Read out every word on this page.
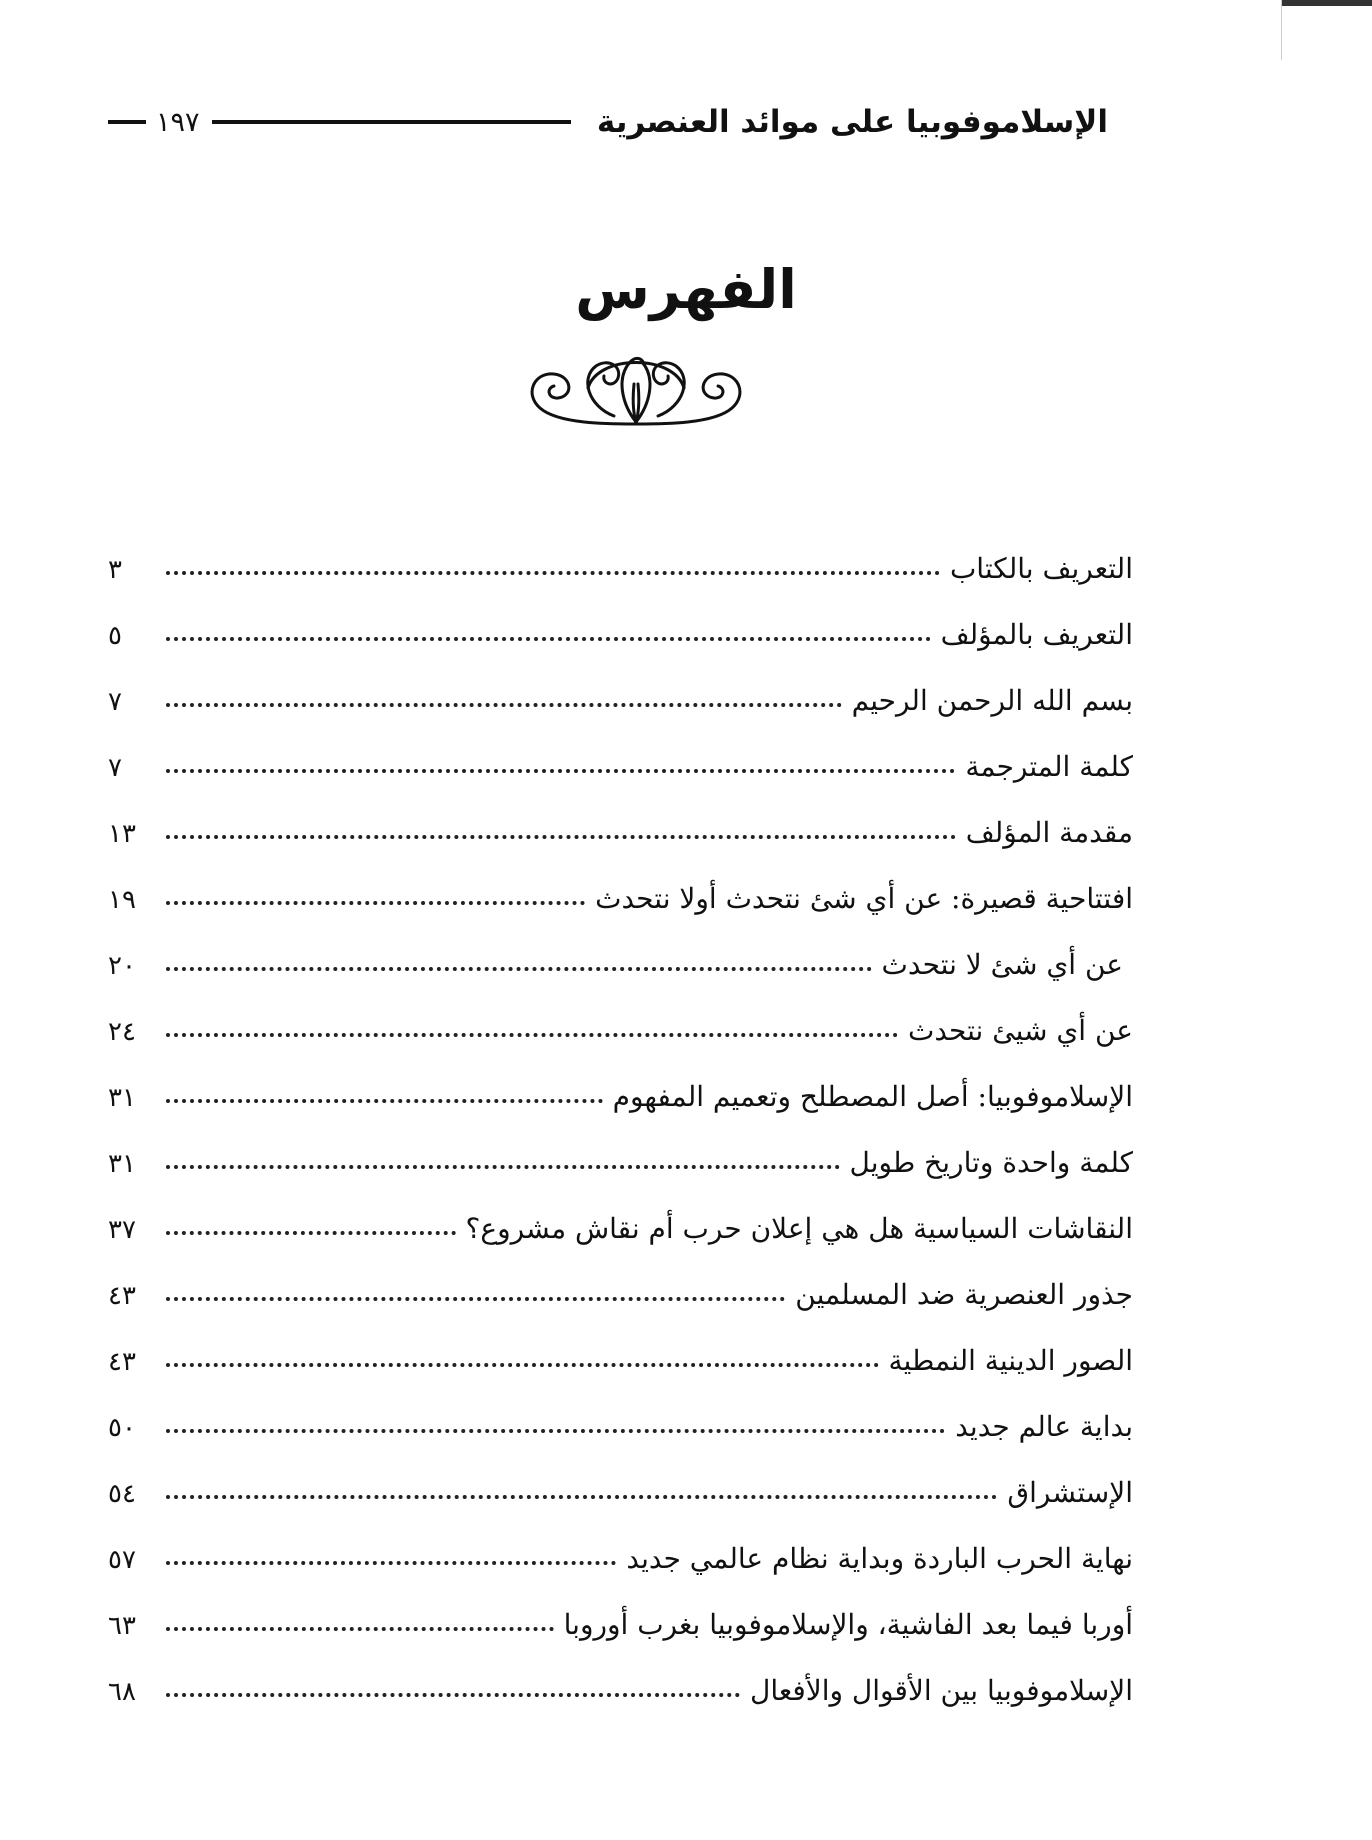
الإسلاموفوبيا على موائد العنصرية
١٩٧
الفهرس
التعريف بالكتاب
٣
التعريف بالمؤلف
٥
بسم الله الرحمن الرحيم
٧
كلمة المترجمة
٧
مقدمة المؤلف
١٣
افتتاحية قصيرة: عن أي شئ نتحدث أولا نتحدث
١٩
عن أي شئ لا نتحدث
٢٠
عن أي شيئ نتحدث
٢٤
الإسلاموفوبيا: أصل المصطلح وتعميم المفهوم
٣١
كلمة واحدة وتاريخ طويل
٣١
النقاشات السياسية هل هي إعلان حرب أم نقاش مشروع؟
٣٧
جذور العنصرية ضد المسلمين
٤٣
الصور الدينية النمطية
٤٣
بداية عالم جديد
٥٠
الإستشراق
٥٤
نهاية الحرب الباردة وبداية نظام عالمي جديد
٥٧
أوربا فيما بعد الفاشية، والإسلاموفوبيا بغرب أوروبا
٦٣
الإسلاموفوبيا بين الأقوال والأفعال
٦٨
